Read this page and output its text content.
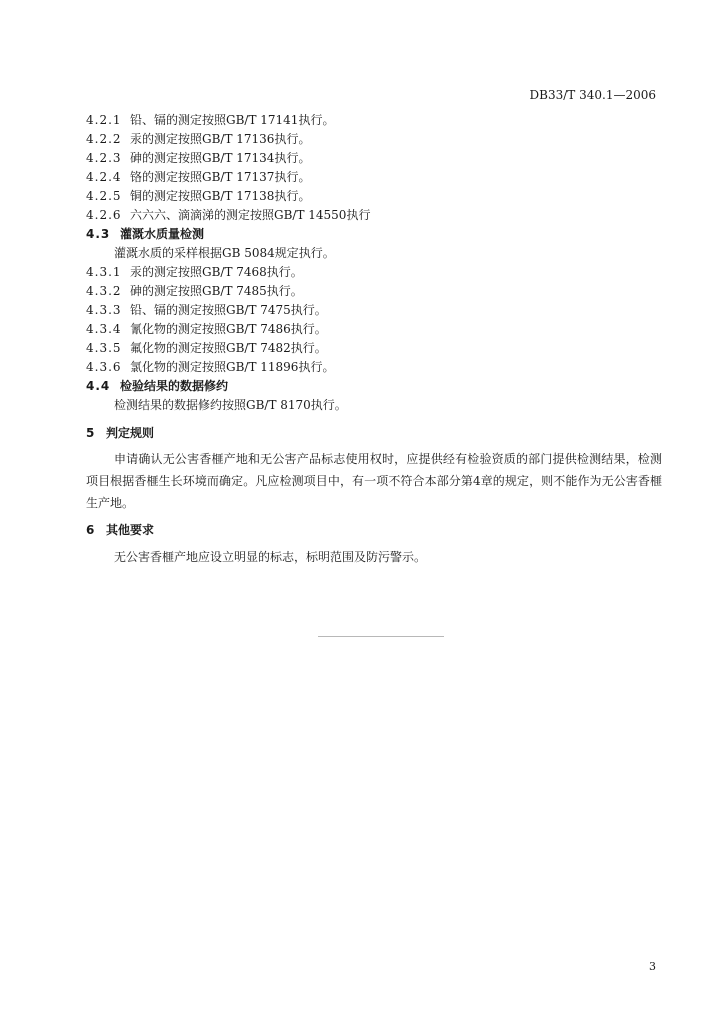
DB33/T 340.1—2006
4.2.1 铅、镉的测定按照GB/T 17141执行。
4.2.2 汞的测定按照GB/T 17136执行。
4.2.3 砷的测定按照GB/T 17134执行。
4.2.4 铬的测定按照GB/T 17137执行。
4.2.5 铜的测定按照GB/T 17138执行。
4.2.6 六六六、滴滴涕的测定按照GB/T 14550执行
4.3 灌溉水质量检测
灌溉水质的采样根据GB 5084规定执行。
4.3.1 汞的测定按照GB/T 7468执行。
4.3.2 砷的测定按照GB/T 7485执行。
4.3.3 铅、镉的测定按照GB/T 7475执行。
4.3.4 氰化物的测定按照GB/T 7486执行。
4.3.5 氟化物的测定按照GB/T 7482执行。
4.3.6 氯化物的测定按照GB/T 11896执行。
4.4 检验结果的数据修约
检测结果的数据修约按照GB/T 8170执行。
5 判定规则
申请确认无公害香榧产地和无公害产品标志使用权时，应提供经有检验资质的部门提供检测结果，检测项目根据香榧生长环境而确定。凡应检测项目中，有一项不符合本部分第4章的规定，则不能作为无公害香榧生产地。
6 其他要求
无公害香榧产地应设立明显的标志，标明范围及防污警示。
3
